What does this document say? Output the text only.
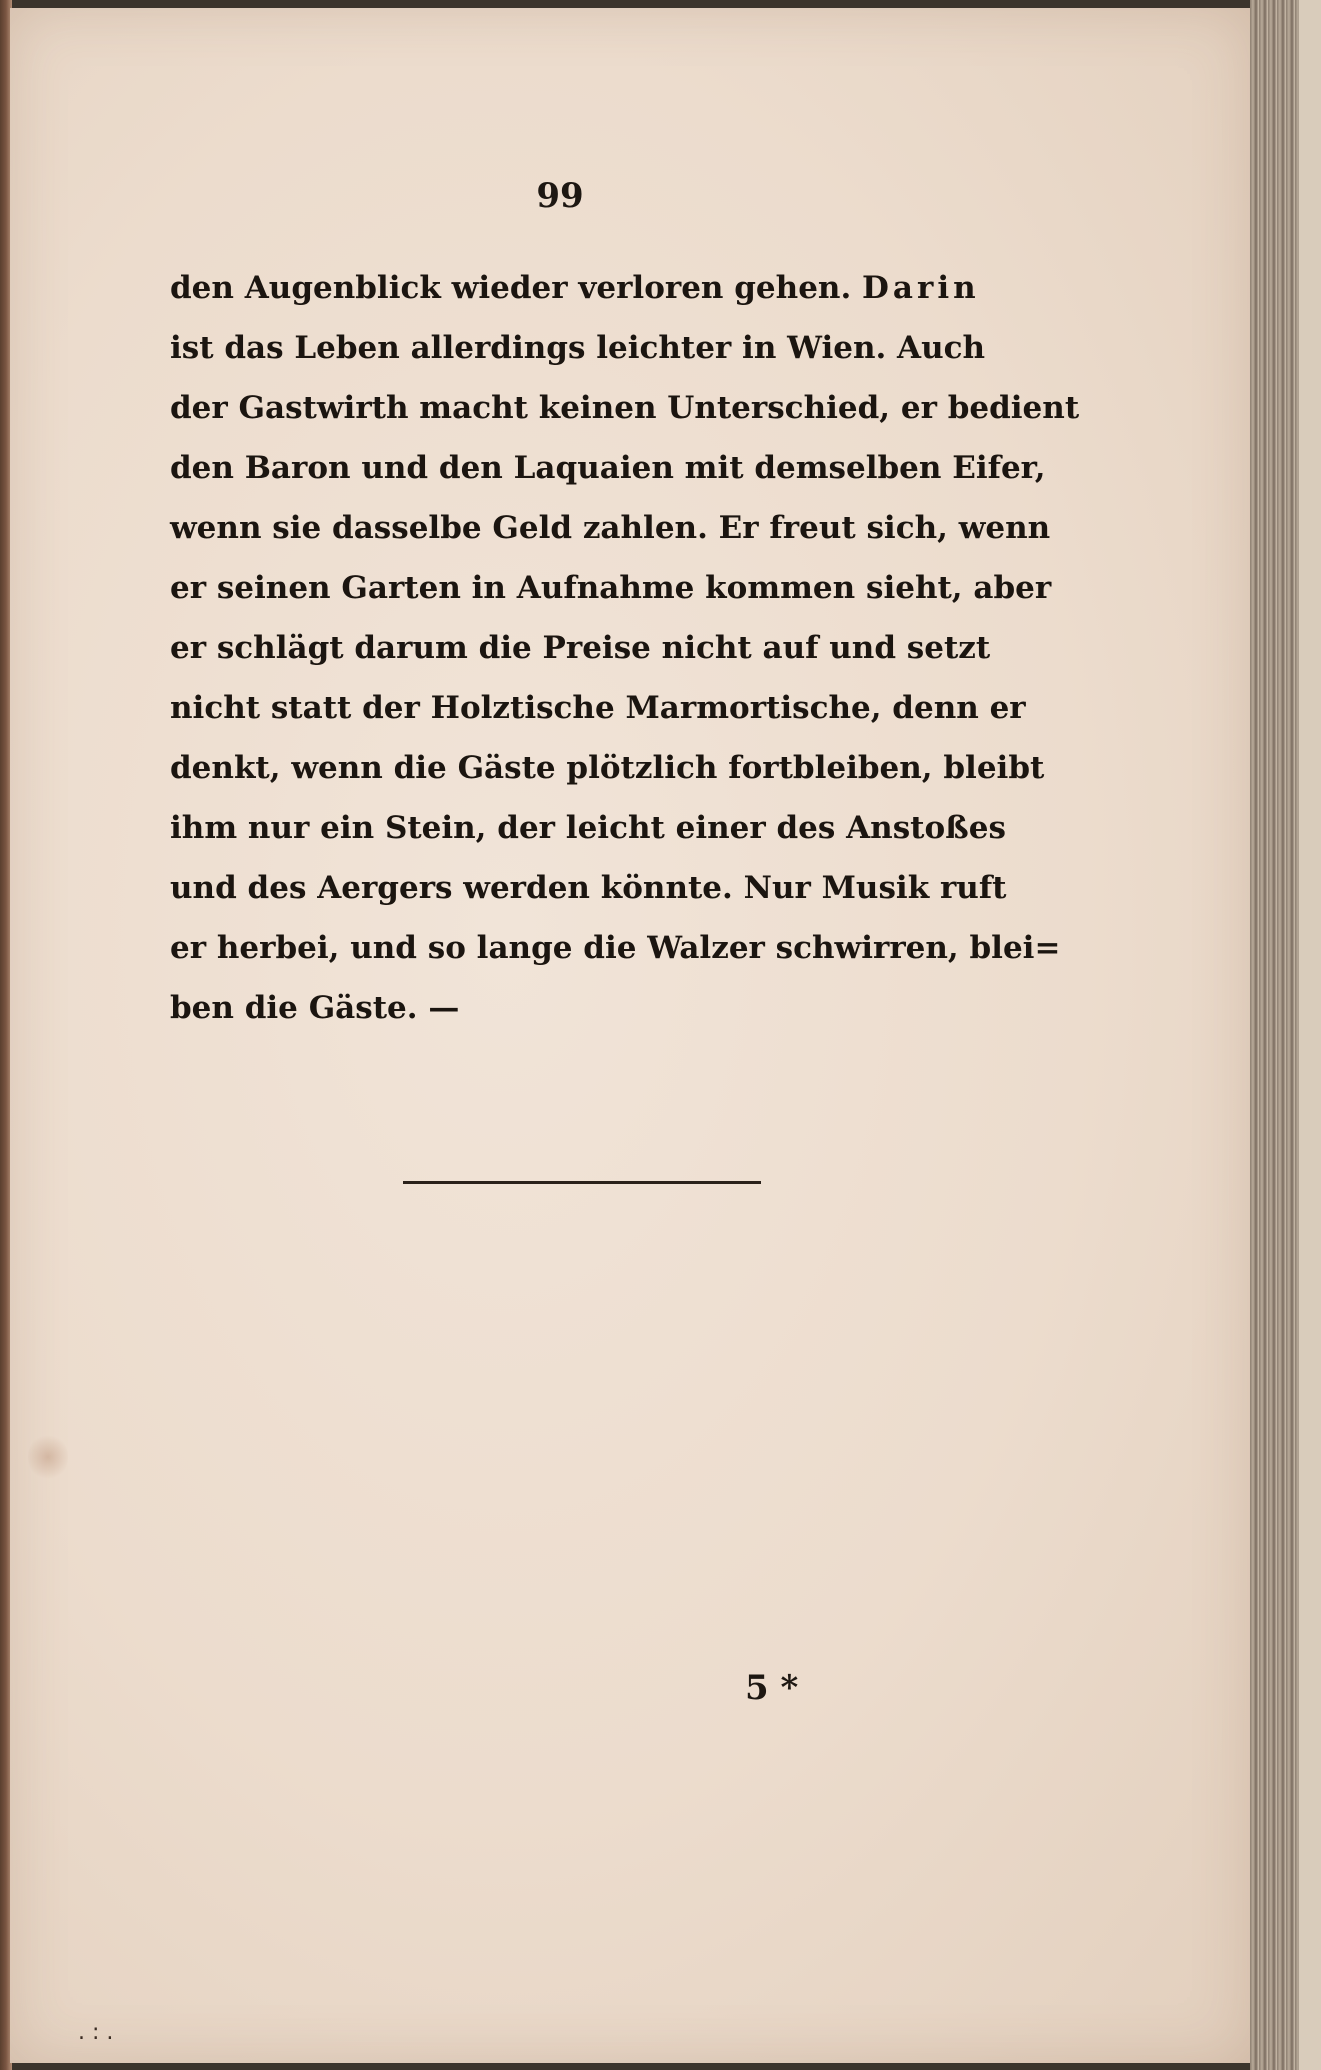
99
den Augenblick wieder verloren gehen. Darin
ist das Leben allerdings leichter in Wien. Auch
der Gastwirth macht keinen Unterschied, er bedient
den Baron und den Laquaien mit demselben Eifer,
wenn sie dasselbe Geld zahlen. Er freut sich, wenn
er seinen Garten in Aufnahme kommen sieht, aber
er schlägt darum die Preise nicht auf und setzt
nicht statt der Holztische Marmortische, denn er
denkt, wenn die Gäste plötzlich fortbleiben, bleibt
ihm nur ein Stein, der leicht einer des Anstoßes
und des Aergers werden könnte. Nur Musik ruft
er herbei, und so lange die Walzer schwirren, blei=
ben die Gäste. —

5 *
. : .
